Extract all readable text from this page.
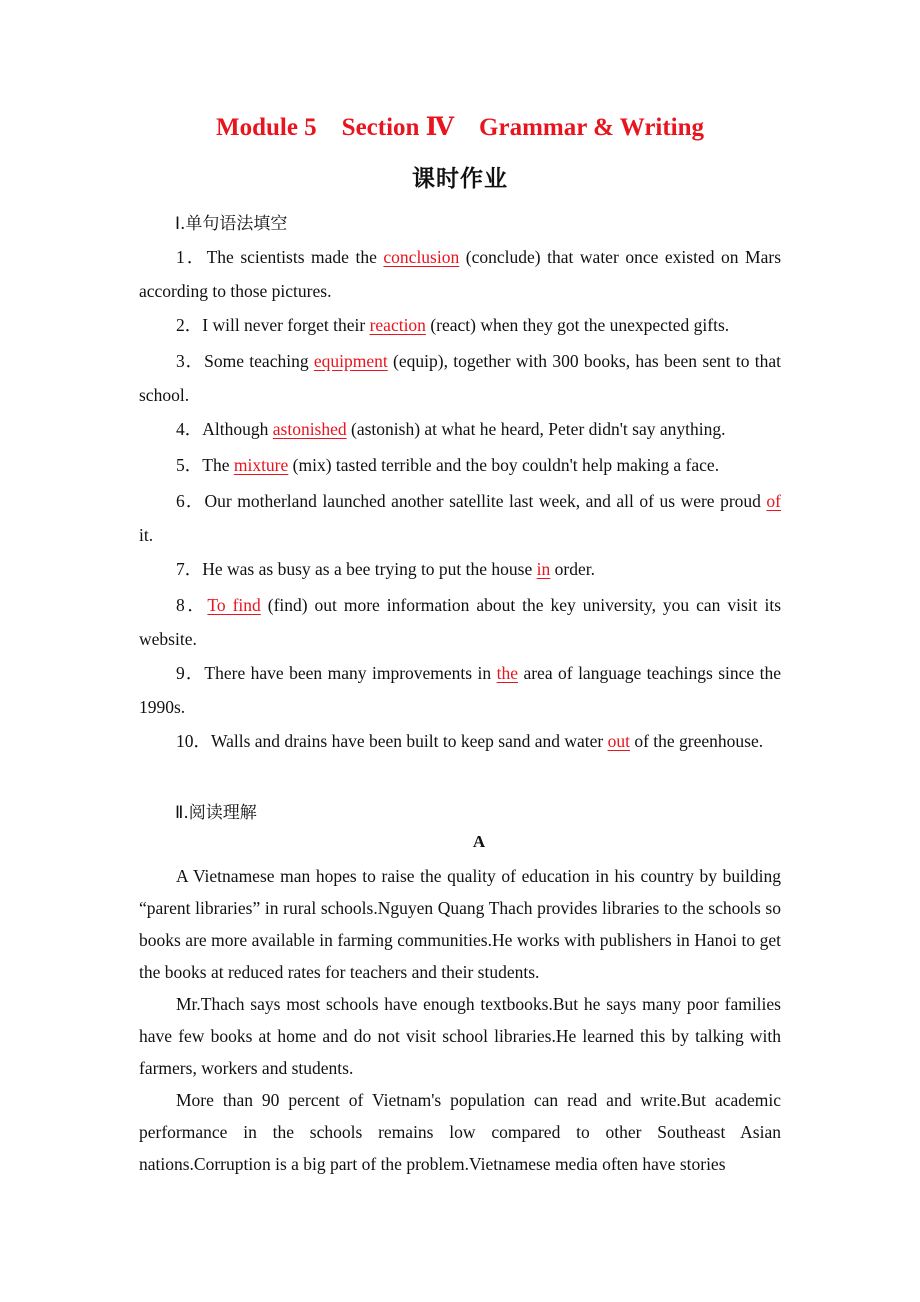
Module 5    Section Ⅳ    Grammar & Writing
课时作业

Ⅰ.单句语法填空

1．The scientists made the conclusion (conclude) that water once existed on Mars according to those pictures.

2．I will never forget their reaction (react) when they got the unexpected gifts.

3．Some teaching equipment (equip), together with 300 books, has been sent to that school.

4．Although astonished (astonish) at what he heard, Peter didn't say anything.

5．The mixture (mix) tasted terrible and the boy couldn't help making a face.

6．Our motherland launched another satellite last week, and all of us were proud of it.

7．He was as busy as a bee trying to put the house in order.

8．To find (find) out more information about the key university, you can visit its website.

9．There have been many improvements in the area of language teachings since the 1990s.

10．Walls and drains have been built to keep sand and water out of the greenhouse.

Ⅱ.阅读理解

A

A Vietnamese man hopes to raise the quality of education in his country by building “parent libraries” in rural schools.Nguyen Quang Thach provides libraries to the schools so books are more available in farming communities.He works with publishers in Hanoi to get the books at reduced rates for teachers and their students.

Mr.Thach says most schools have enough textbooks.But he says many poor families have few books at home and do not visit school libraries.He learned this by talking with farmers, workers and students.

More than 90 percent of Vietnam's population can read and write.But academic performance in the schools remains low compared to other Southeast Asian nations.Corruption is a big part of the problem.Vietnamese media often have stories
